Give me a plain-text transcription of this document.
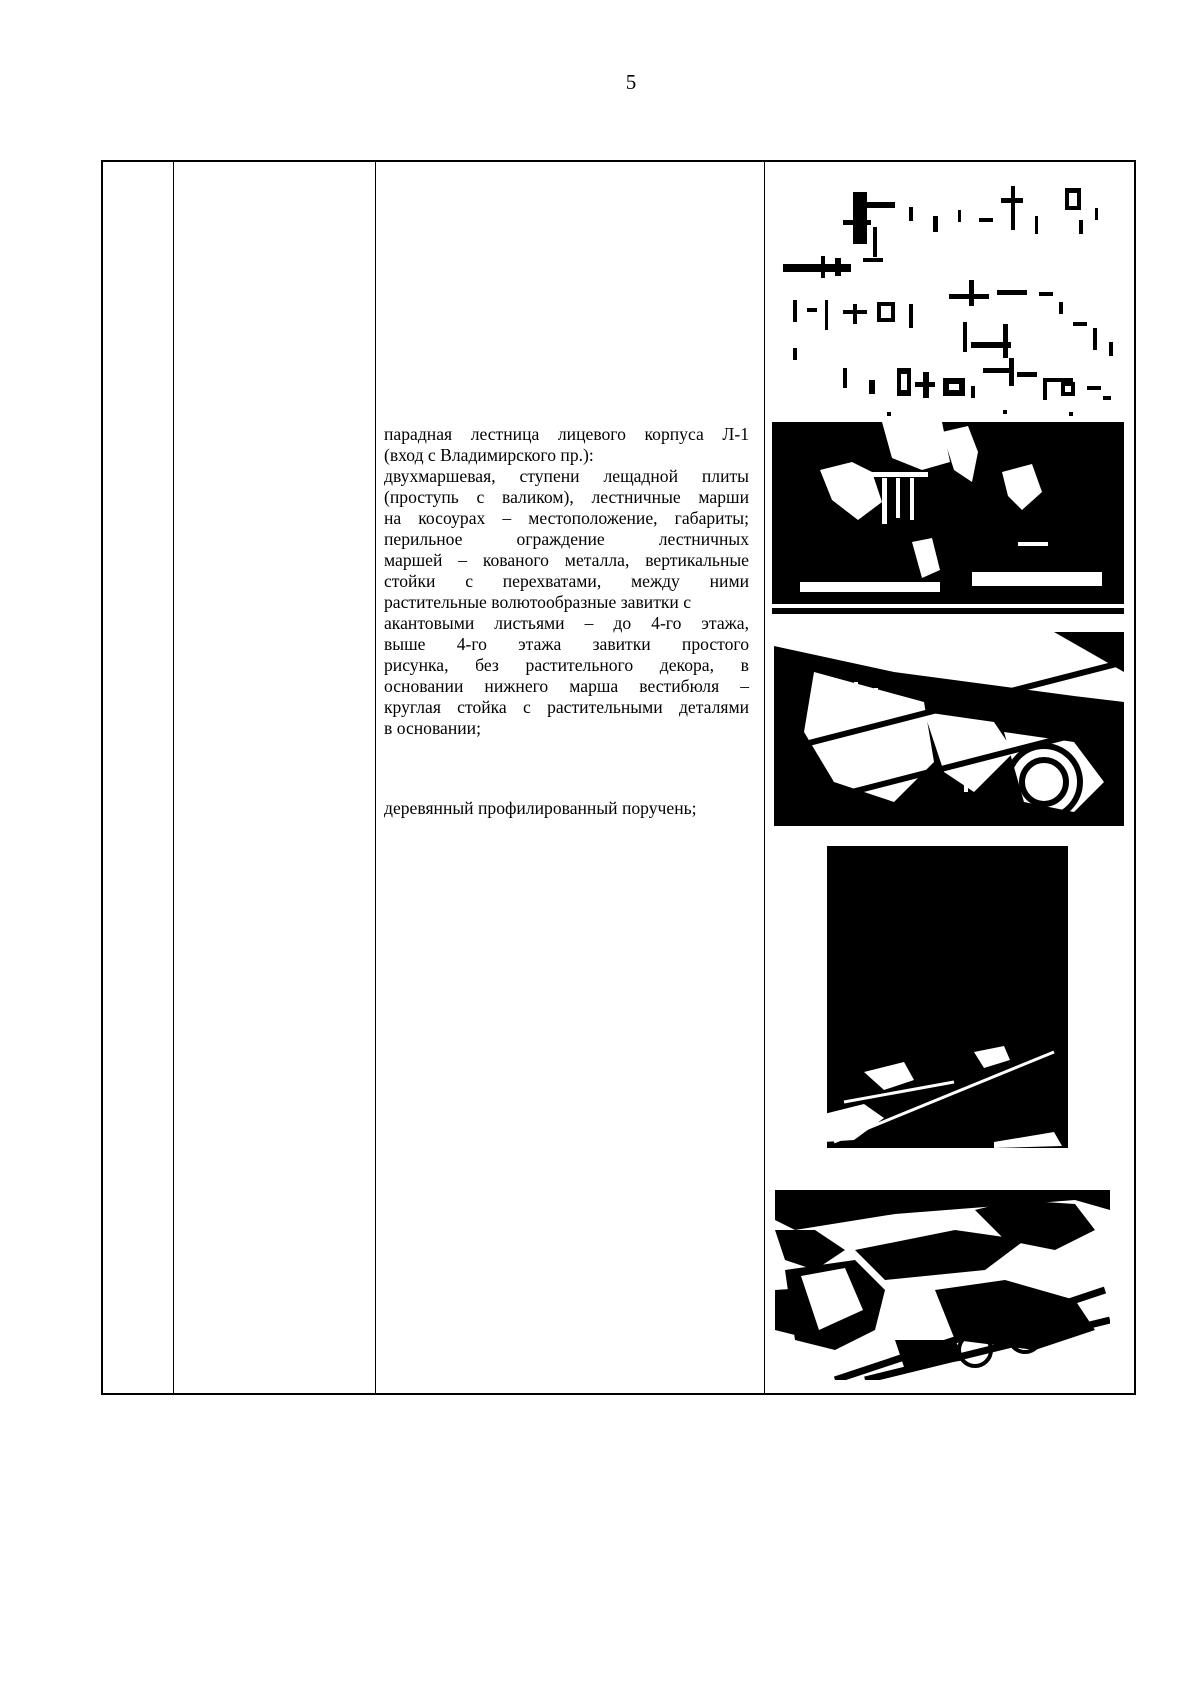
5
парадная лестница лицевого корпуса Л-1
(вход с Владимирского пр.):
двухмаршевая, ступени лещадной плиты
(проступь с валиком), лестничные марши
на косоурах – местоположение, габариты;
перильное ограждение лестничных
маршей – кованого металла, вертикальные
стойки с перехватами, между ними
растительные волютообразные завитки с
акантовыми листьями – до 4-го этажа,
выше 4-го этажа завитки простого
рисунка, без растительного декора, в
основании нижнего марша вестибюля –
круглая стойка с растительными деталями
в основании;
деревянный профилированный поручень;
